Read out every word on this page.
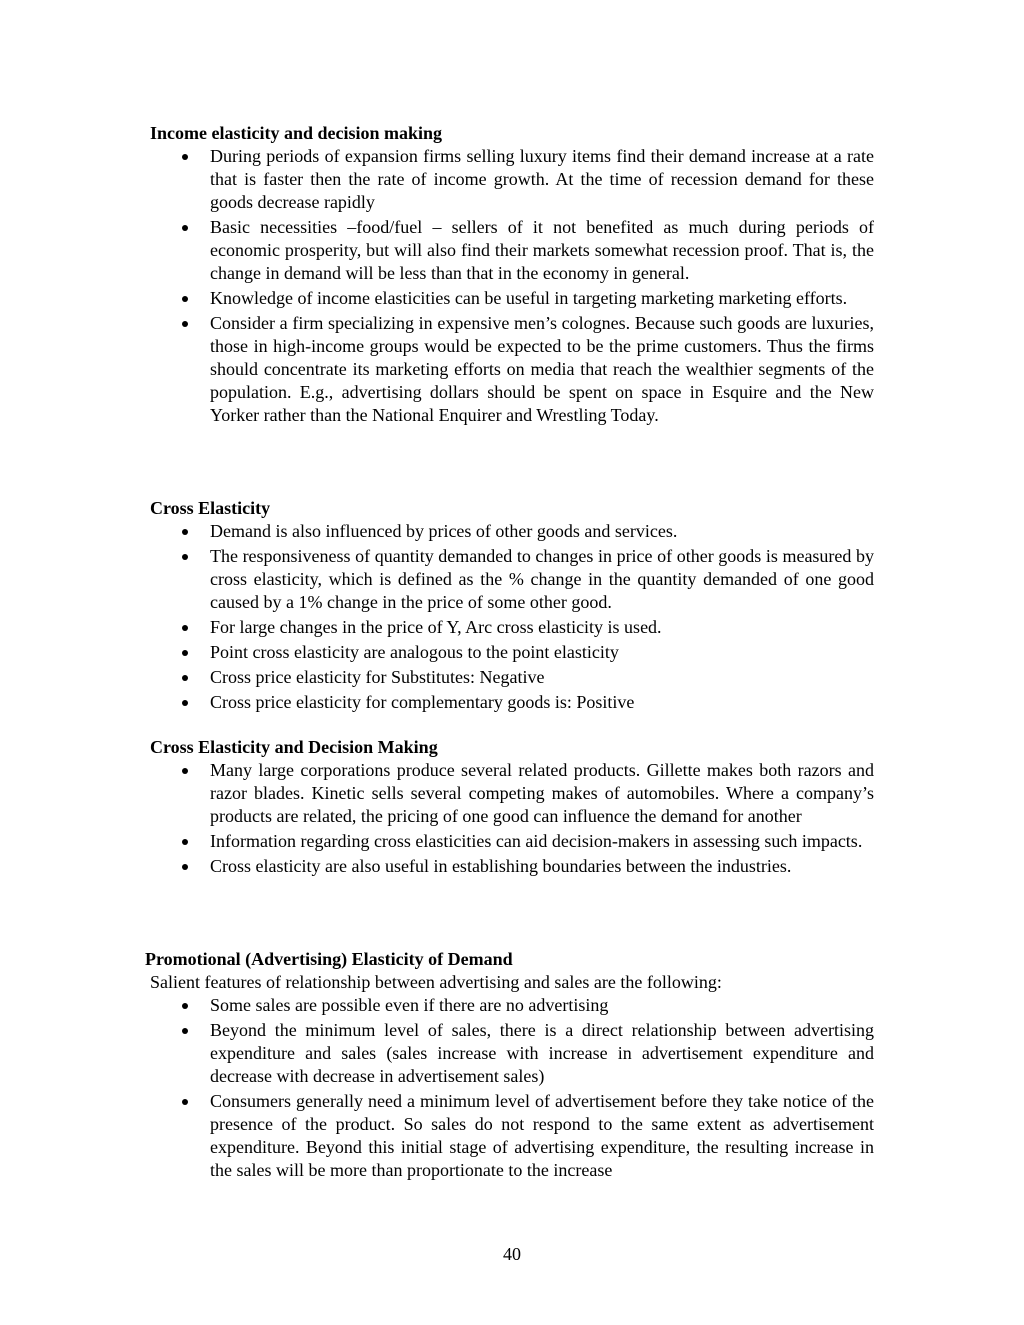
Income elasticity and decision making

During periods of expansion firms selling luxury items find their demand increase at a rate that is faster then the rate of income growth. At the time of recession demand for these goods decrease rapidly
Basic necessities –food/fuel – sellers of it not benefited as much during periods of economic prosperity, but will also find their markets somewhat recession proof. That is, the change in demand will be less than that in the economy in general.
Knowledge of income elasticities can be useful in targeting marketing marketing efforts.
Consider a firm specializing in expensive men’s colognes. Because such goods are luxuries, those in high-income groups would be expected to be the prime customers. Thus the firms should concentrate its marketing efforts on media that reach the wealthier segments of the population. E.g., advertising dollars should be spent on space in Esquire and the New Yorker rather than the National Enquirer and Wrestling Today.

Cross Elasticity

Demand is also influenced by prices of other goods and services.
The responsiveness of quantity demanded to changes in price of other goods is measured by cross elasticity, which is defined as the % change in the quantity demanded of one good caused by a 1% change in the price of some other good.
For large changes in the price of Y, Arc cross elasticity is used.
Point cross elasticity are analogous to the point elasticity
Cross price elasticity for Substitutes: Negative
Cross price elasticity for complementary goods is: Positive

Cross Elasticity and Decision Making

Many large corporations produce several related products. Gillette makes both razors and razor blades. Kinetic sells several competing makes of automobiles. Where a company’s products are related, the pricing of one good can influence the demand for another
Information regarding cross elasticities can aid decision-makers in assessing such impacts.
Cross elasticity are also useful in establishing boundaries between the industries.

Promotional (Advertising) Elasticity of Demand

Salient features of relationship between advertising and sales are the following:

Some sales are possible even if there are no advertising
Beyond the minimum level of sales, there is a direct relationship between advertising expenditure and sales (sales increase with increase in advertisement expenditure and decrease with decrease in advertisement sales)
Consumers generally need a minimum level of advertisement before they take notice of the presence of the product. So sales do not respond to the same extent as advertisement expenditure. Beyond this initial stage of advertising expenditure, the resulting increase in the sales will be more than proportionate to the increase
40
